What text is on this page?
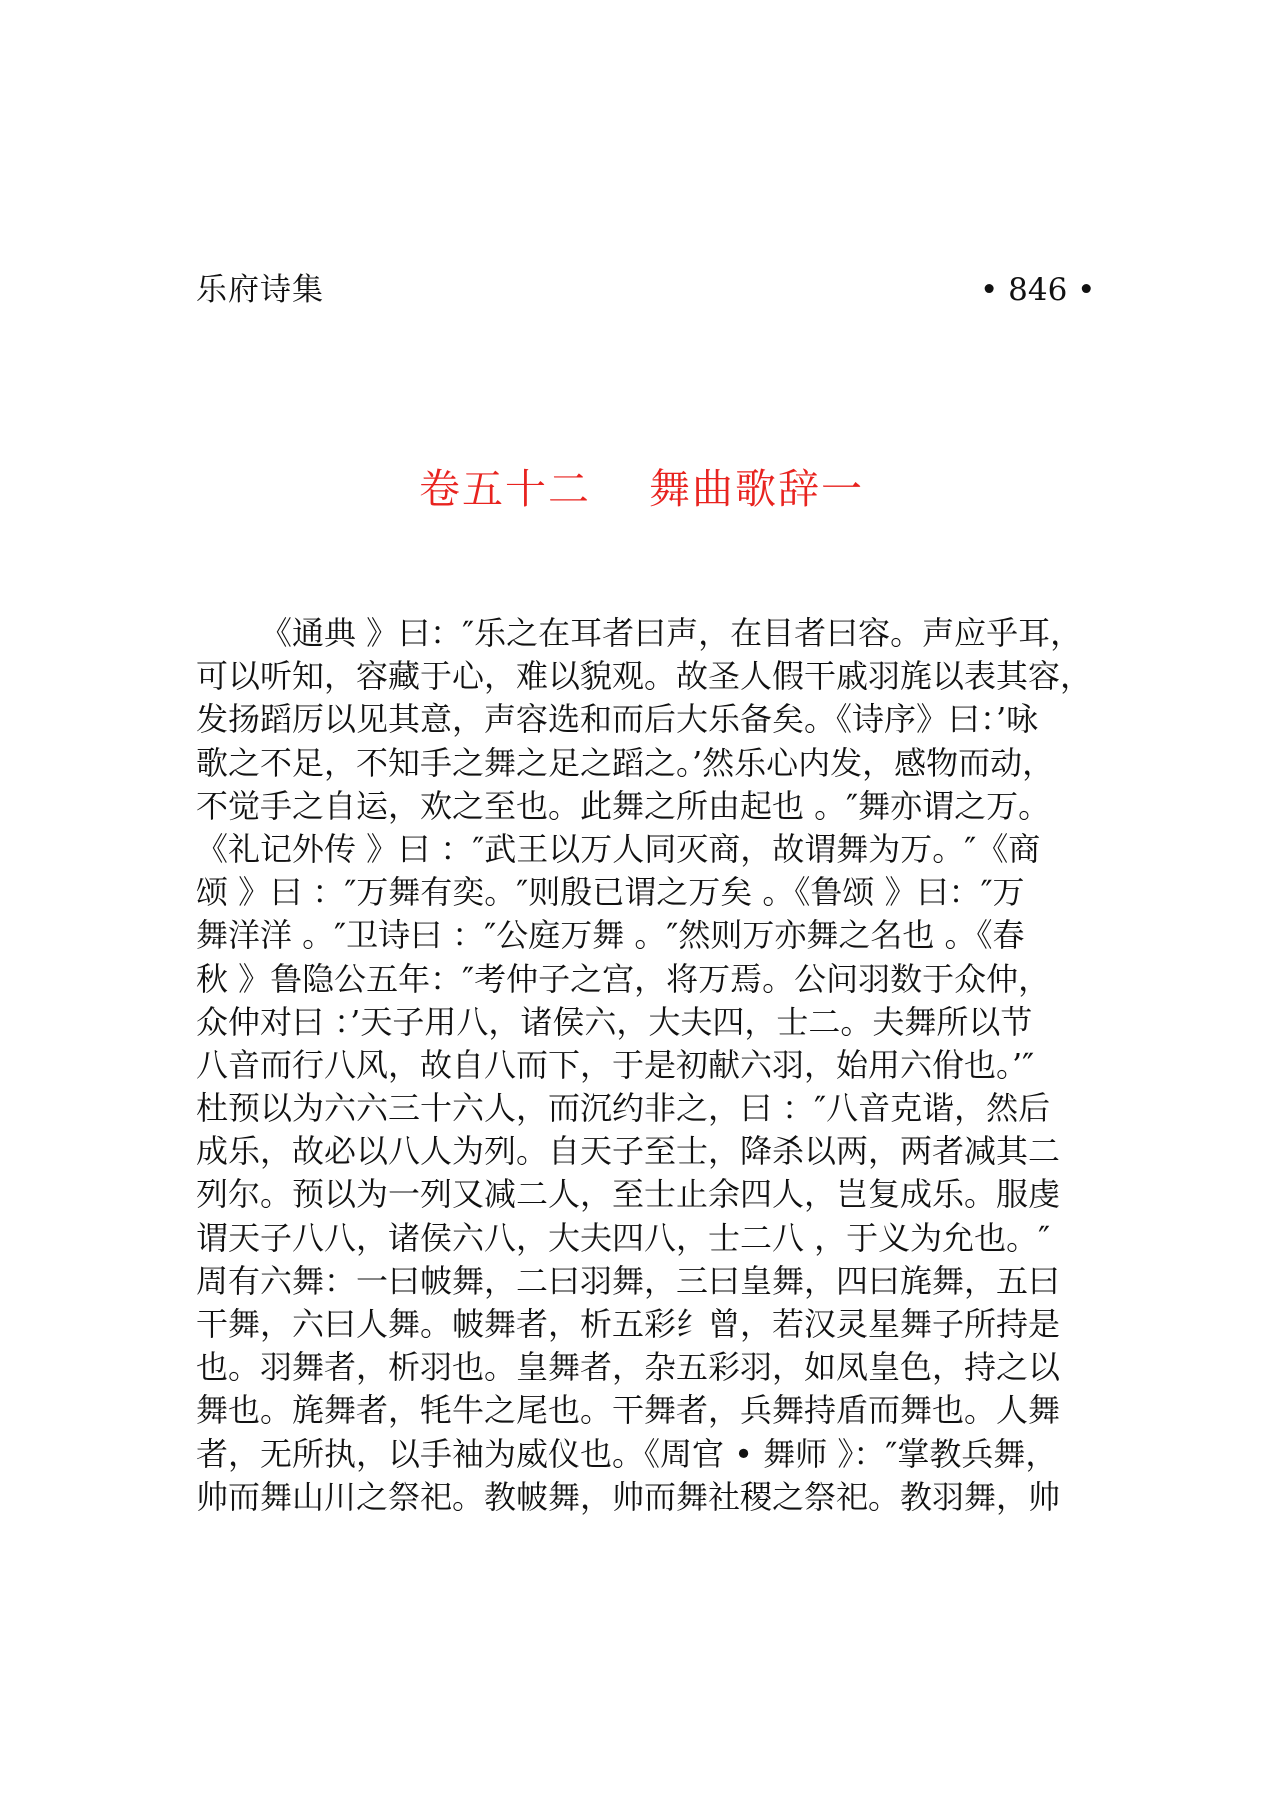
乐府诗集	• 846 •
卷五十二　 舞曲歌辞一
《通典 》曰：″乐之在耳者曰声，在目者曰容。声应乎耳，
可以听知，容藏于心，难以貌观。故圣人假干戚羽旄以表其容，
发扬蹈厉以见其意，声容选和而后大乐备矣。《诗序》曰：’咏
歌之不足，不知手之舞之足之蹈之。’然乐心内发，感物而动，
不觉手之自运，欢之至也。此舞之所由起也 。″舞亦谓之万。
《礼记外传 》曰 ：″武王以万人同灭商，故谓舞为万。″《商
颂 》曰 ：″万舞有奕。″则殷已谓之万矣 。《鲁颂 》曰：″万
舞洋洋 。″卫诗曰 ：″公庭万舞 。″然则万亦舞之名也 。《春
秋 》鲁隐公五年：″考仲子之宫，将万焉。公问羽数于众仲，
众仲对曰 ：’天子用八，诸侯六，大夫四，士二。夫舞所以节
八音而行八风，故自八而下，于是初献六羽，始用六佾也。’″
杜预以为六六三十六人，而沉约非之，曰 ：″八音克谐，然后
成乐，故必以八人为列。自天子至士，降杀以两，两者减其二
列尔。预以为一列又减二人，至士止余四人，岂复成乐。服虔
谓天子八八，诸侯六八，大夫四八，士二八 ，于义为允也。″
周有六舞：一曰帔舞，二曰羽舞，三曰皇舞，四曰旄舞，五曰
干舞，六曰人舞。帔舞者，析五彩纟曾，若汉灵星舞子所持是
也。羽舞者，析羽也。皇舞者，杂五彩羽，如凤皇色，持之以
舞也。旄舞者，牦牛之尾也。干舞者，兵舞持盾而舞也。人舞
者，无所执，以手袖为威仪也。《周官 • 舞师 》：″掌教兵舞，
帅而舞山川之祭祀。教帔舞，帅而舞社稷之祭祀。教羽舞，帅
